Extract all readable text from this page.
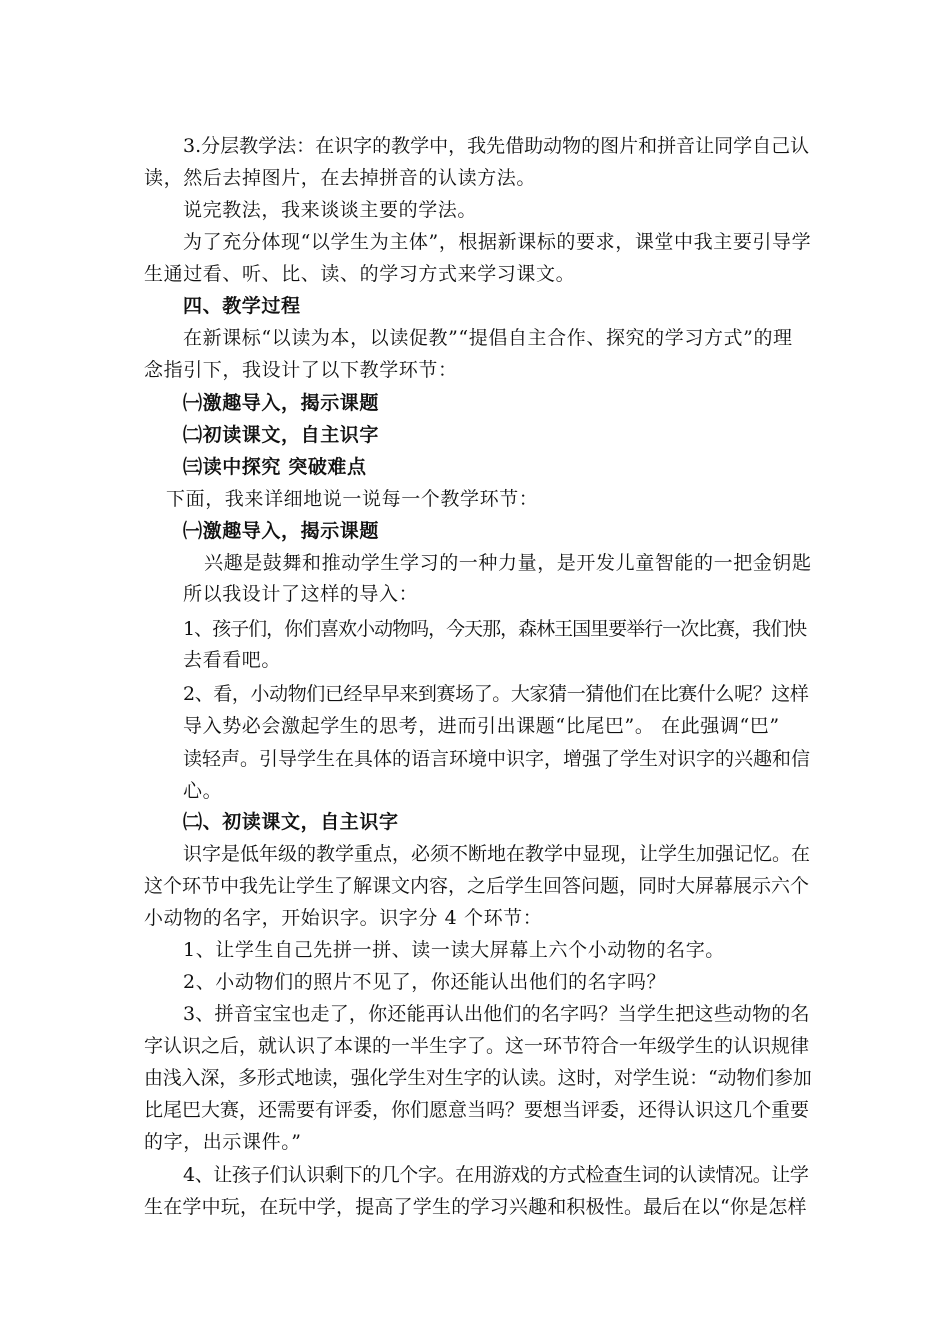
3.分层教学法：在识字的教学中，我先借助动物的图片和拼音让同学自己认
读，然后去掉图片，在去掉拼音的认读方法。
说完教法，我来谈谈主要的学法。
为了充分体现“以学生为主体”，根据新课标的要求，课堂中我主要引导学
生通过看、听、比、读、的学习方式来学习课文。
四、教学过程
在新课标“以读为本，以读促教”“提倡自主合作、探究的学习方式”的理
念指引下，我设计了以下教学环节：
㈠激趣导入，揭示课题
㈡初读课文，自主识字
㈢读中探究 突破难点
下面，我来详细地说一说每一个教学环节：
㈠激趣导入，揭示课题
兴趣是鼓舞和推动学生学习的一种力量，是开发儿童智能的一把金钥匙
所以我设计了这样的导入：
1、孩子们，你们喜欢小动物吗，今天那，森林王国里要举行一次比赛，我们快
去看看吧。
2、看，小动物们已经早早来到赛场了。大家猜一猜他们在比赛什么呢？这样
导入势必会激起学生的思考，进而引出课题“比尾巴”。 在此强调“巴”
读轻声。引导学生在具体的语言环境中识字，增强了学生对识字的兴趣和信
心。
㈡、初读课文，自主识字
识字是低年级的教学重点，必须不断地在教学中显现，让学生加强记忆。在
这个环节中我先让学生了解课文内容，之后学生回答问题，同时大屏幕展示六个
小动物的名字，开始识字。识字分 4 个环节：
1、让学生自己先拼一拼、读一读大屏幕上六个小动物的名字。
2、小动物们的照片不见了，你还能认出他们的名字吗？
3、拼音宝宝也走了，你还能再认出他们的名字吗？当学生把这些动物的名
字认识之后，就认识了本课的一半生字了。这一环节符合一年级学生的认识规律
由浅入深，多形式地读，强化学生对生字的认读。这时，对学生说：“动物们参加
比尾巴大赛，还需要有评委，你们愿意当吗？要想当评委，还得认识这几个重要
的字，出示课件。”
4、让孩子们认识剩下的几个字。在用游戏的方式检查生词的认读情况。让学
生在学中玩，在玩中学，提高了学生的学习兴趣和积极性。最后在以“你是怎样
